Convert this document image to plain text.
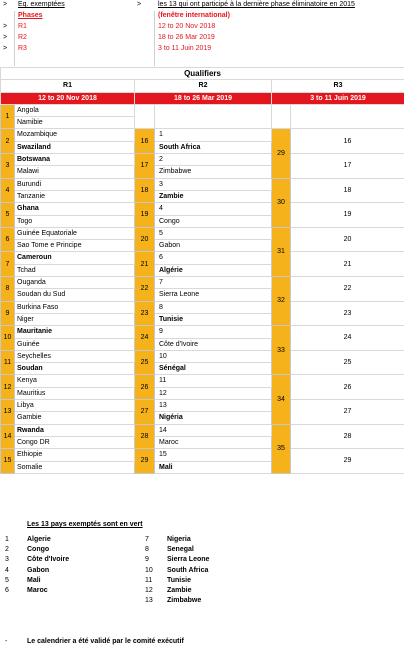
> Eq. exemptées	> les 13 qui ont participé à la dernière phase éliminatoire en 2015
Phases	(fenêtre international)
> R1	12 to 20 Nov 2018
> R2	18 to 26 Mar 2019
> R3	3 to 11 Juin 2019
Qualifiers					
R1		R2		R3	
12 to 20 Nov 2018		18 to 26 Mar 2019		3 to 11 Juin 2019	
1	Angola				
	Namibie				
2	Mozambique	16	1	29	16
	Swaziland		South Africa		
3	Botswana	17	2		17
	Malawi		Zimbabwe		
4	Burundi	18	3	30	18
	Tanzanie		Zambie		
5	Ghana	19	4		19
	Togo		Congo		
6	Guinée Equatoriale	20	5	31	20
	Sao Tome e Principe		Gabon		
7	Cameroun	21	6		21
	Tchad		Algérie		
8	Ouganda	22	7	32	22
	Soudan du Sud		Sierra Leone		
9	Burkina Faso	23	8		23
	Niger		Tunisie		
10	Mauritanie	24	9	33	24
	Guinée		Côte d'Ivoire		
11	Seychelles	25	10		25
	Soudan		Sénégal		
12	Kenya	26	11	34	26
	Mauritius		12		
13	Libya	27	13		27
	Gambie		Nigéria		
14	Rwanda	28	14	35	28
	Congo DR		Maroc		
15	Ethiopie	29	15		29
	Somalie		Mali		
Les 13 pays exemptés sont en vert
1	Algerie
2	Congo
3	Côte d'Ivoire
4	Gabon
5	Mali
6	Maroc
7	Nigeria
8	Senegal
9	Sierra Leone
10 South Africa
11 Tunisie
12 Zambie
13 Zimbabwe
-	Le calendrier a été validé par le comité exécutif
